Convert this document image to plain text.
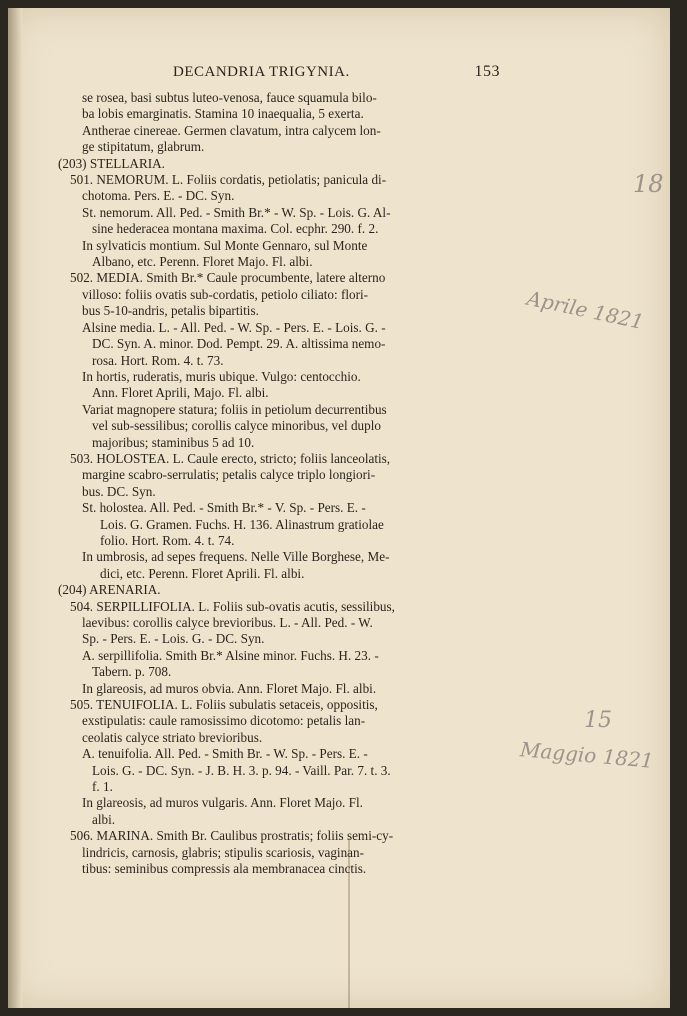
DECANDRIA TRIGYNIA.	153
se rosea, basi subtus luteo-venosa, fauce squamula bilo-
ba lobis emarginatis. Stamina 10 inaequalia, 5 exerta.
Antherae cinereae. Germen clavatum, intra calycem lon-
ge stipitatum, glabrum.
(203) STELLARIA.
501. NEMORUM. L. Foliis cordatis, petiolatis; panicula di-
chotoma. Pers. E. - DC. Syn.
St. nemorum. All. Ped. - Smith Br.* - W. Sp. - Lois. G. Al-
sine hederacea montana maxima. Col. ecphr. 290. f. 2.
In sylvaticis montium. Sul Monte Gennaro, sul Monte
Albano, etc. Perenn. Floret Majo. Fl. albi.
502. MEDIA. Smith Br.* Caule procumbente, latere alterno
villoso: foliis ovatis sub-cordatis, petiolo ciliato: flori-
bus 5-10-andris, petalis bipartitis.
Alsine media. L. - All. Ped. - W. Sp. - Pers. E. - Lois. G. -
DC. Syn. A. minor. Dod. Pempt. 29. A. altissima nemo-
rosa. Hort. Rom. 4. t. 73.
In hortis, ruderatis, muris ubique. Vulgo: centocchio.
Ann. Floret Aprili, Majo. Fl. albi.
Variat magnopere statura; foliis in petiolum decurrentibus
vel sub-sessilibus; corollis calyce minoribus, vel duplo
majoribus; staminibus 5 ad 10.
503. HOLOSTEA. L. Caule erecto, stricto; foliis lanceolatis,
margine scabro-serrulatis; petalis calyce triplo longiori-
bus. DC. Syn.
St. holostea. All. Ped. - Smith Br.* - V. Sp. - Pers. E. -
Lois. G. Gramen. Fuchs. H. 136. Alinastrum gratiolae
folio. Hort. Rom. 4. t. 74.
In umbrosis, ad sepes frequens. Nelle Ville Borghese, Me-
dici, etc. Perenn. Floret Aprili. Fl. albi.
(204) ARENARIA.
504. SERPILLIFOLIA. L. Foliis sub-ovatis acutis, sessilibus,
laevibus: corollis calyce brevioribus. L. - All. Ped. - W.
Sp. - Pers. E. - Lois. G. - DC. Syn.
A. serpillifolia. Smith Br.* Alsine minor. Fuchs. H. 23. -
Tabern. p. 708.
In glareosis, ad muros obvia. Ann. Floret Majo. Fl. albi.
505. TENUIFOLIA. L. Foliis subulatis setaceis, oppositis,
exstipulatis: caule ramosissimo dicotomo: petalis lan-
ceolatis calyce striato brevioribus.
A. tenuifolia. All. Ped. - Smith Br. - W. Sp. - Pers. E. -
Lois. G. - DC. Syn. - J. B. H. 3. p. 94. - Vaill. Par. 7. t. 3.
f. 1.
In glareosis, ad muros vulgaris. Ann. Floret Majo. Fl.
albi.
506. MARINA. Smith Br. Caulibus prostratis; foliis semi-cy-
lindricis, carnosis, glabris; stipulis scariosis, vaginan-
tibus: seminibus compressis ala membranacea cinctis.
18
Aprile 1821
15
Maggio 1821
